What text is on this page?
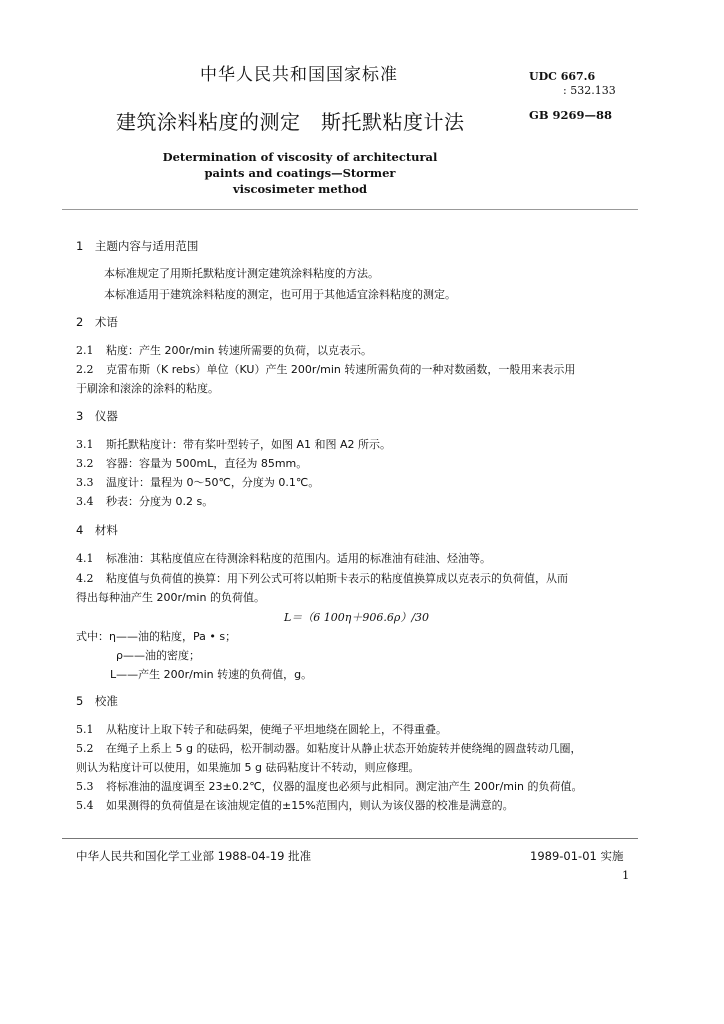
中华人民共和国国家标准	UDC 667.6
: 532.133
GB 9269—88
建筑涂料粘度的测定　斯托默粘度计法
Determination of viscosity of architectural
paints and coatings—Stormer
viscosimeter method
1　主题内容与适用范围
本标准规定了用斯托默粘度计测定建筑涂料粘度的方法。
本标准适用于建筑涂料粘度的测定，也可用于其他适宜涂料粘度的测定。
2　术语
2.1 粘度：产生 200r/min 转速所需要的负荷，以克表示。
2.2 克雷布斯（K rebs）单位（KU）产生 200r/min 转速所需负荷的一种对数函数，一般用来表示用
于刷涂和滚涂的涂料的粘度。
3　仪器
3.1 斯托默粘度计：带有桨叶型转子，如图 A1 和图 A2 所示。
3.2 容器：容量为 500mL，直径为 85mm。
3.3 温度计：量程为 0～50℃，分度为 0.1℃。
3.4 秒表：分度为 0.2 s。
4　材料
4.1 标准油：其粘度值应在待测涂料粘度的范围内。适用的标准油有硅油、烃油等。
4.2 粘度值与负荷值的换算：用下列公式可将以帕斯卡表示的粘度值换算成以克表示的负荷值，从而
得出每种油产生 200r/min 的负荷值。
L＝（6 100η＋906.6ρ）/30
式中：η——油的粘度，Pa • s；
ρ——油的密度；
L——产生 200r/min 转速的负荷值，g。
5　校准
5.1 从粘度计上取下转子和砝码架，使绳子平坦地绕在圆轮上，不得重叠。
5.2 在绳子上系上 5 g 的砝码，松开制动器。如粘度计从静止状态开始旋转并使绕绳的圆盘转动几圈，
则认为粘度计可以使用，如果施加 5 g 砝码粘度计不转动，则应修理。
5.3 将标准油的温度调至 23±0.2℃，仪器的温度也必须与此相同。测定油产生 200r/min 的负荷值。
5.4 如果测得的负荷值是在该油规定值的±15%范围内，则认为该仪器的校准是满意的。
中华人民共和国化学工业部 1988-04-19 批准	1989-01-01 实施
1
